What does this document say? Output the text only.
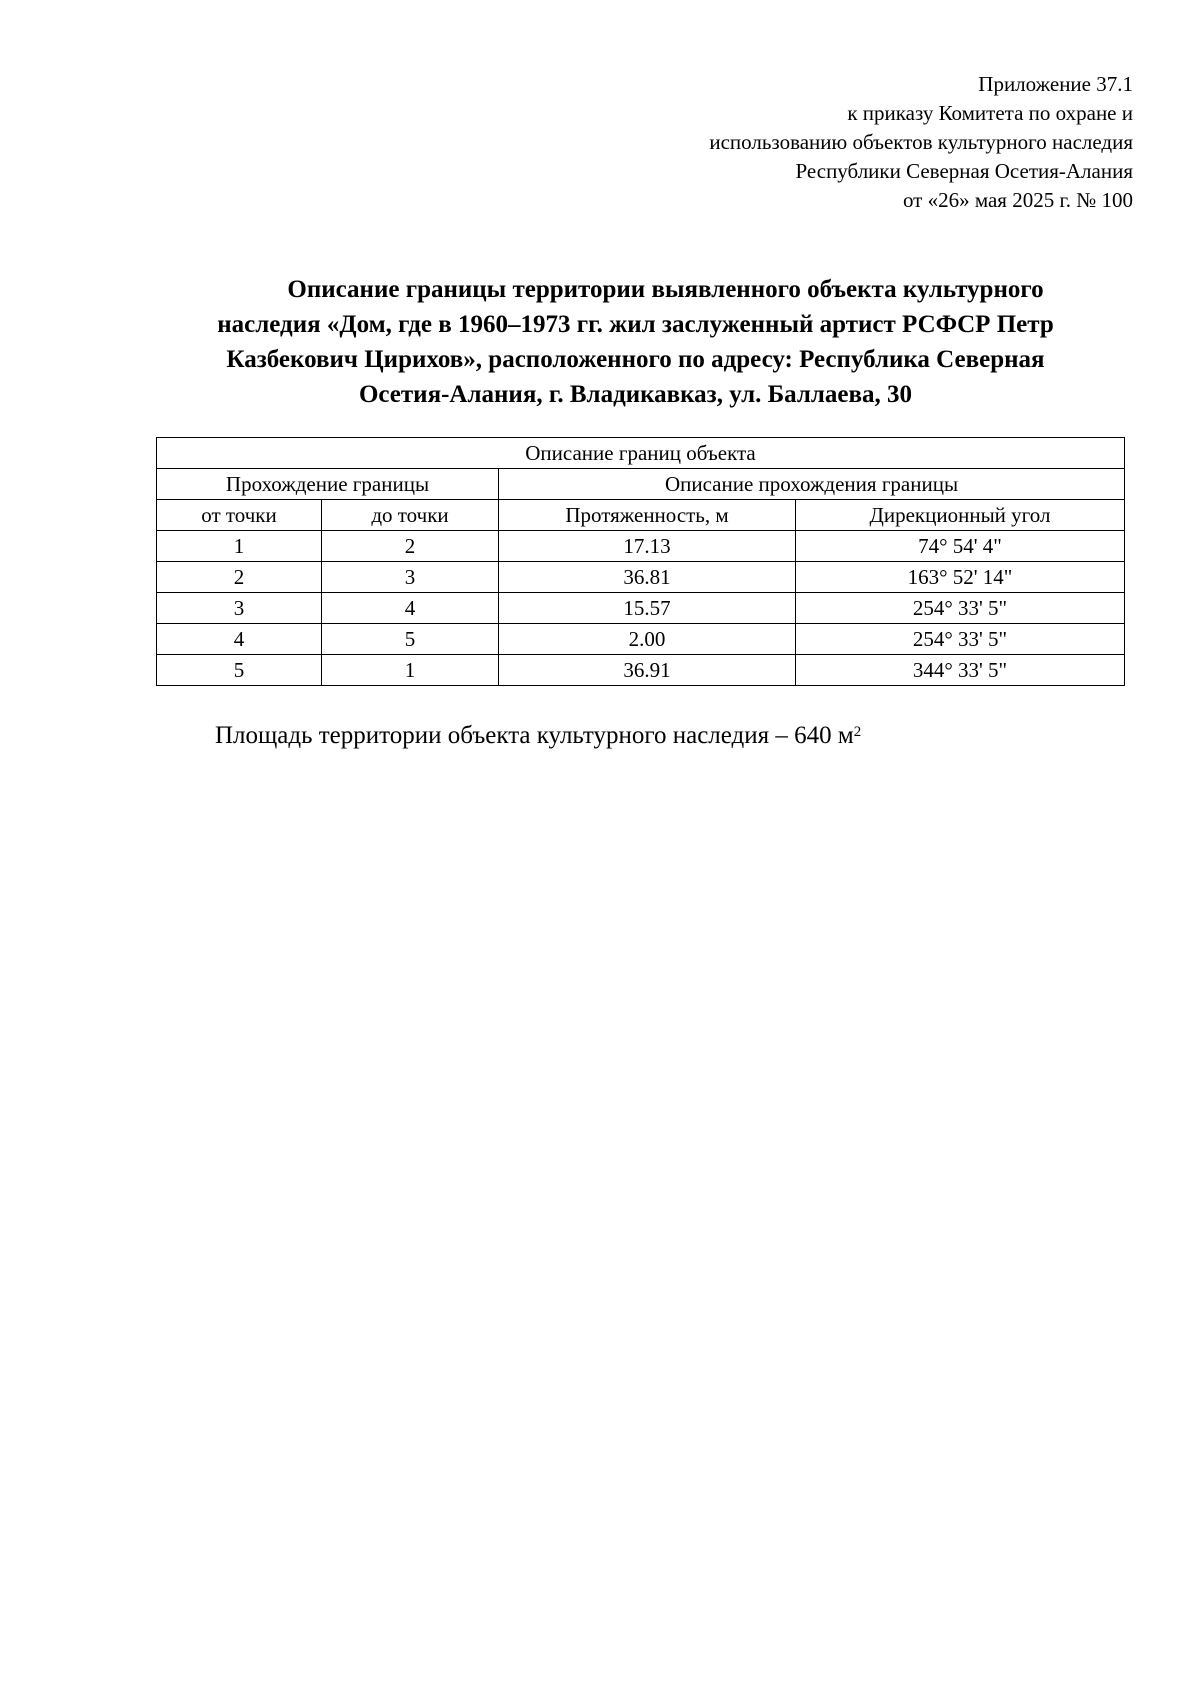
Приложение 37.1
к приказу Комитета по охране и
использованию объектов культурного наследия
Республики Северная Осетия-Алания
от «26» мая 2025 г. № 100
Описание границы территории выявленного объекта культурного
наследия «Дом, где в 1960–1973 гг. жил заслуженный артист РСФСР Петр
Казбекович Цирихов», расположенного по адресу: Республика Северная
Осетия-Алания, г. Владикавказ, ул. Баллаева, 30
Описание границ объекта			
Прохождение границы		Описание прохождения границы	
от точки	до точки	Протяженность, м	Дирекционный угол
1	2	17.13	74° 54' 4"
2	3	36.81	163° 52' 14"
3	4	15.57	254° 33' 5"
4	5	2.00	254° 33' 5"
5	1	36.91	344° 33' 5"
Площадь территории объекта культурного наследия – 640 $м^2$
